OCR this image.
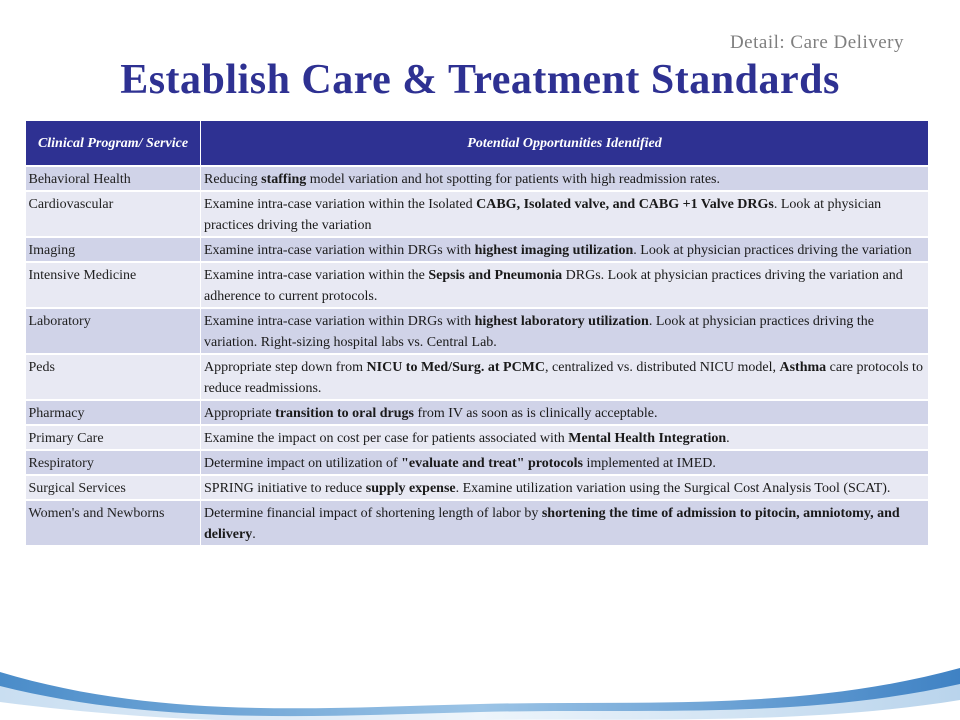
Detail: Care Delivery
Establish Care & Treatment Standards
Clinical Program/ Service	Potential Opportunities Identified
Behavioral Health	Reducing staffing model variation and hot spotting for patients with high readmission rates.
Cardiovascular	Examine intra-case variation within the Isolated CABG, Isolated valve, and CABG +1 Valve DRGs. Look at physician practices driving the variation
Imaging	Examine intra-case variation within DRGs with highest imaging utilization. Look at physician practices driving the variation
Intensive Medicine	Examine intra-case variation within the Sepsis and Pneumonia DRGs. Look at physician practices driving the variation and adherence to current protocols.
Laboratory	Examine intra-case variation within DRGs with highest laboratory utilization. Look at physician practices driving the variation. Right-sizing hospital labs vs. Central Lab.
Peds	Appropriate step down from NICU to Med/Surg. at PCMC, centralized vs. distributed NICU model, Asthma care protocols to reduce readmissions.
Pharmacy	Appropriate transition to oral drugs from IV as soon as is clinically acceptable.
Primary Care	Examine the impact on cost per case for patients associated with Mental Health Integration.
Respiratory	Determine impact on utilization of "evaluate and treat" protocols implemented at IMED.
Surgical Services	SPRING initiative to reduce supply expense. Examine utilization variation using the Surgical Cost Analysis Tool (SCAT).
Women's and Newborns	Determine financial impact of shortening length of labor by shortening the time of admission to pitocin, amniotomy, and delivery.
